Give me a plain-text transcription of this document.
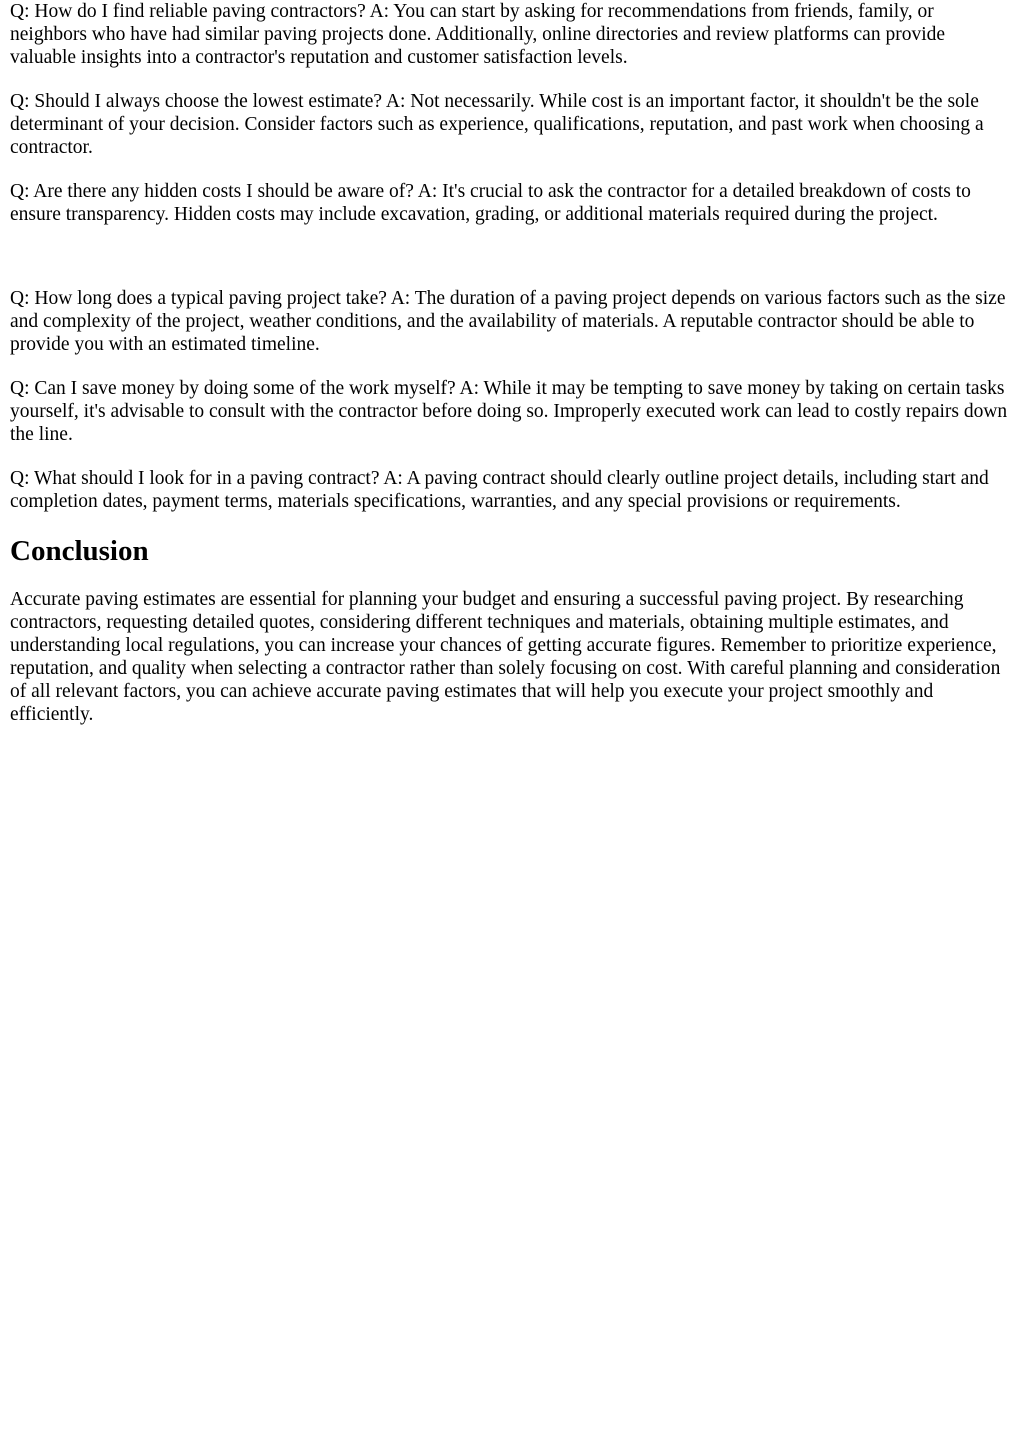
Q: How do I find reliable paving contractors? A: You can start by asking for recommendations from friends, family, or neighbors who have had similar paving projects done. Additionally, online directories and review platforms can provide valuable insights into a contractor's reputation and customer satisfaction levels.

Q: Should I always choose the lowest estimate? A: Not necessarily. While cost is an important factor, it shouldn't be the sole determinant of your decision. Consider factors such as experience, qualifications, reputation, and past work when choosing a contractor.

Q: Are there any hidden costs I should be aware of? A: It's crucial to ask the contractor for a detailed breakdown of costs to ensure transparency. Hidden costs may include excavation, grading, or additional materials required during the project.

Q: How long does a typical paving project take? A: The duration of a paving project depends on various factors such as the size and complexity of the project, weather conditions, and the availability of materials. A reputable contractor should be able to provide you with an estimated timeline.

Q: Can I save money by doing some of the work myself? A: While it may be tempting to save money by taking on certain tasks yourself, it's advisable to consult with the contractor before doing so. Improperly executed work can lead to costly repairs down the line.

Q: What should I look for in a paving contract? A: A paving contract should clearly outline project details, including start and completion dates, payment terms, materials specifications, warranties, and any special provisions or requirements.

Conclusion

Accurate paving estimates are essential for planning your budget and ensuring a successful paving project. By researching contractors, requesting detailed quotes, considering different techniques and materials, obtaining multiple estimates, and understanding local regulations, you can increase your chances of getting accurate figures. Remember to prioritize experience, reputation, and quality when selecting a contractor rather than solely focusing on cost. With careful planning and consideration of all relevant factors, you can achieve accurate paving estimates that will help you execute your project smoothly and efficiently.
